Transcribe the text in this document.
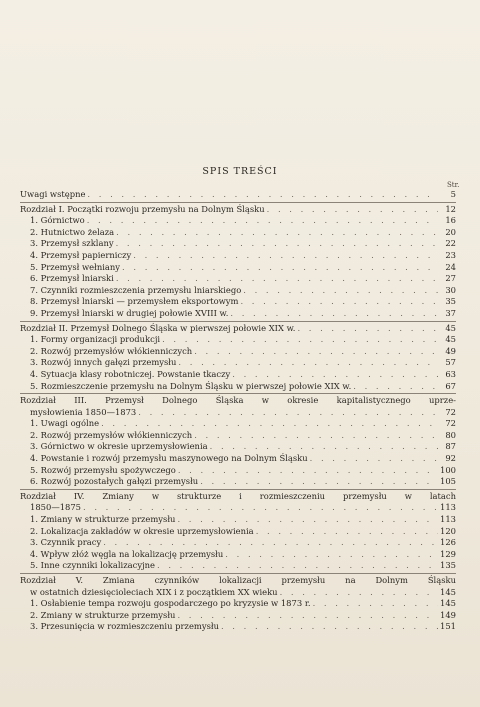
SPIS TREŚCI
Str.
Uwagi wstępne . . .	5
Rozdział I. Początki rozwoju przemysłu na Dolnym Śląsku . . .	12
1. Górnictwo . . .	16
2. Hutnictwo żelaza . . .	20
3. Przemysł szklany . . .	22
4. Przemysł papierniczy . . .	23
5. Przemysł wełniany . . .	24
6. Przemysł lniarski . . .	27
7. Czynniki rozmieszczenia przemysłu lniarskiego . . .	30
8. Przemysł lniarski — przemysłem eksportowym . . .	35
9. Przemysł lniarski w drugiej połowie XVIII w. . . .	37
Rozdział II. Przemysł Dolnego Śląska w pierwszej połowie XIX w. . . .	45
1. Formy organizacji produkcji . . .	45
2. Rozwój przemysłów włókienniczych . . .	49
3. Rozwój innych gałęzi przemysłu . . .	57
4. Sytuacja klasy robotniczej. Powstanie tkaczy . . .	63
5. Rozmieszczenie przemysłu na Dolnym Śląsku w pierwszej połowie XIX w. . . .	67
Rozdział III. Przemysł Dolnego Śląska w okresie kapitalistycznego uprze-
mysłowienia 1850—1873 . . .	72
1. Uwagi ogólne . . .	72
2. Rozwój przemysłów włókienniczych . . .	80
3. Górnictwo w okresie uprzemysłowienia . . .	87
4. Powstanie i rozwój przemysłu maszynowego na Dolnym Śląsku . . .	92
5. Rozwój przemysłu spożywczego . . .	100
6. Rozwój pozostałych gałęzi przemysłu . . .	105
Rozdział IV. Zmiany w strukturze i rozmieszczeniu przemysłu w latach
1850—1875 . . .	113
1. Zmiany w strukturze przemysłu . . .	113
2. Lokalizacja zakładów w okresie uprzemysłowienia . . .	120
3. Czynnik pracy . . .	126
4. Wpływ złóż węgla na lokalizację przemysłu . . .	129
5. Inne czynniki lokalizacyjne . . .	135
Rozdział V. Zmiana czynników lokalizacji przemysłu na Dolnym Śląsku
w ostatnich dziesięcioleciach XIX i z początkiem XX wieku . . .	145
1. Osłabienie tempa rozwoju gospodarczego po kryzysie w 1873 r. . . .	145
2. Zmiany w strukturze przemysłu . . .	149
3. Przesunięcia w rozmieszczeniu przemysłu . . .	151
